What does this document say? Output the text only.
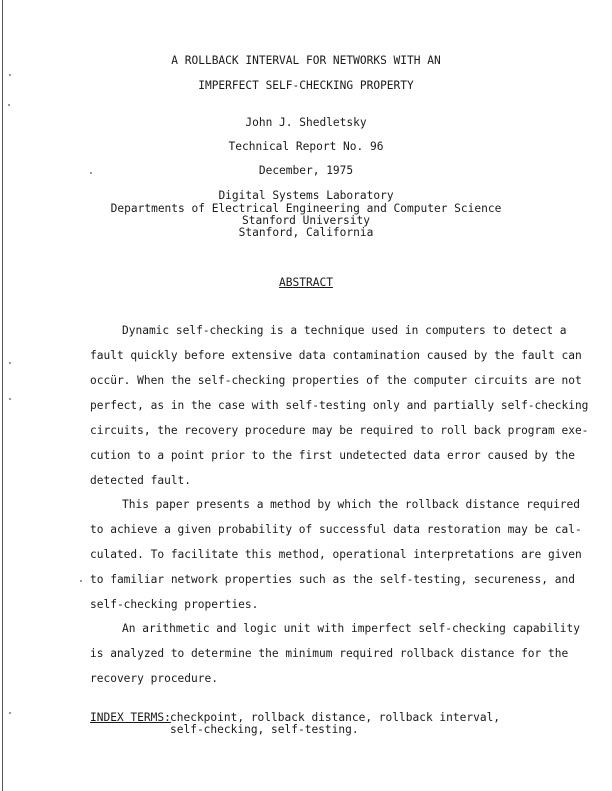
A ROLLBACK INTERVAL FOR NETWORKS WITH AN
IMPERFECT SELF-CHECKING PROPERTY
John J. Shedletsky
Technical Report No. 96
December, 1975
Digital Systems Laboratory
Departments of Electrical Engineering and Computer Science
Stanford University
Stanford, California
ABSTRACT
Dynamic self-checking is a technique used in computers to detect a
fault quickly before extensive data contamination caused by the fault can
occür. When the self-checking properties of the computer circuits are not
perfect, as in the case with self-testing only and partially self-checking
circuits, the recovery procedure may be required to roll back program exe-
cution to a point prior to the first undetected data error caused by the
detected fault.
This paper presents a method by which the rollback distance required
to achieve a given probability of successful data restoration may be cal-
culated. To facilitate this method, operational interpretations are given
to familiar network properties such as the self-testing, secureness, and
self-checking properties.
An arithmetic and logic unit with imperfect self-checking capability
is analyzed to determine the minimum required rollback distance for the
recovery procedure.
INDEX TERMS: checkpoint, rollback distance, rollback interval,
self-checking, self-testing.
